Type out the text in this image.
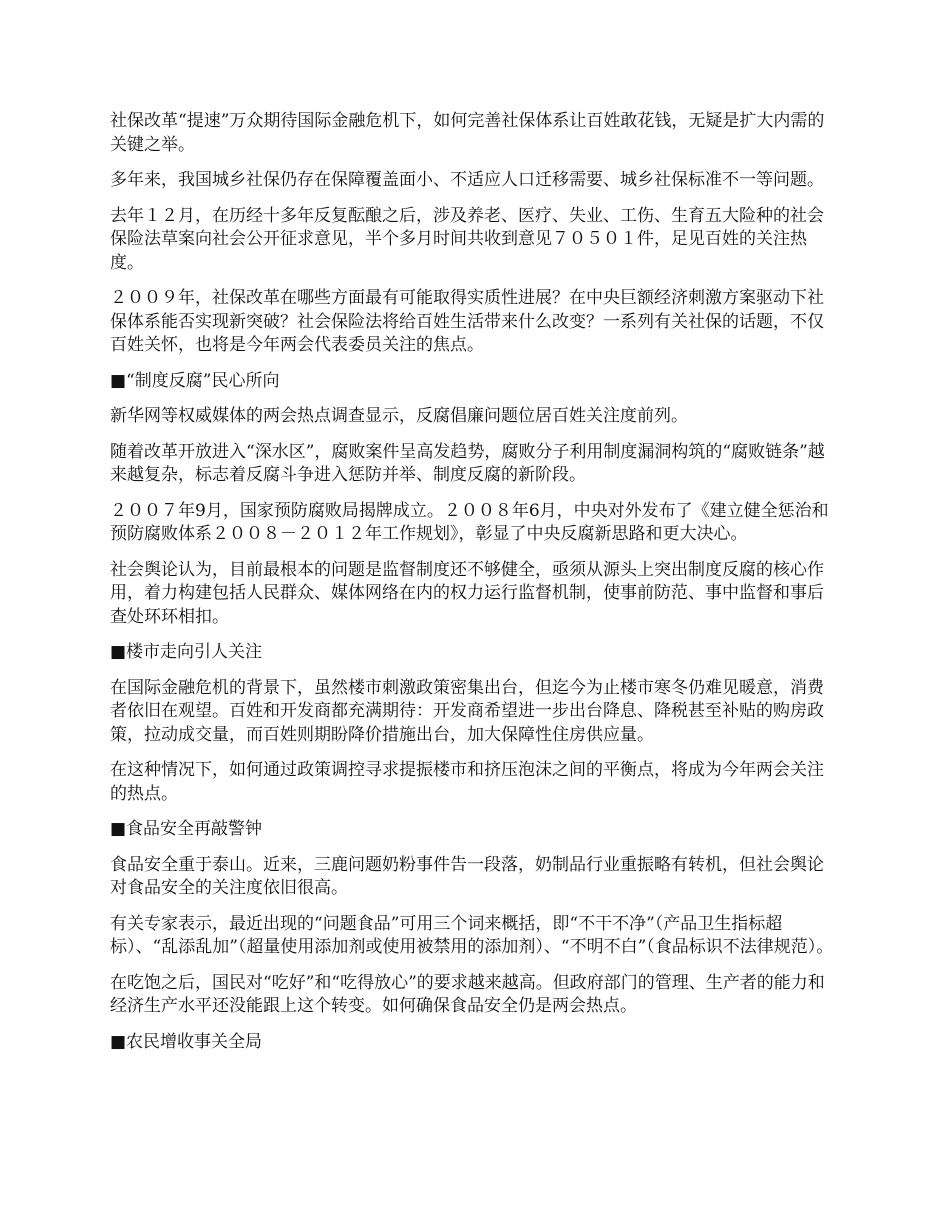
社保改革“提速”万众期待国际金融危机下，如何完善社保体系让百姓敢花钱，无疑是扩大内需的关键之举。

多年来，我国城乡社保仍存在保障覆盖面小、不适应人口迁移需要、城乡社保标准不一等问题。

去年１２月，在历经十多年反复酝酿之后，涉及养老、医疗、失业、工伤、生育五大险种的社会保险法草案向社会公开征求意见，半个多月时间共收到意见７０５０１件，足见百姓的关注热度。

２００９年，社保改革在哪些方面最有可能取得实质性进展？在中央巨额经济刺激方案驱动下社保体系能否实现新突破？社会保险法将给百姓生活带来什么改变？一系列有关社保的话题，不仅百姓关怀，也将是今年两会代表委员关注的焦点。

■“制度反腐”民心所向

新华网等权威媒体的两会热点调查显示，反腐倡廉问题位居百姓关注度前列。

随着改革开放进入“深水区”，腐败案件呈高发趋势，腐败分子利用制度漏洞构筑的“腐败链条”越来越复杂，标志着反腐斗争进入惩防并举、制度反腐的新阶段。

２００７年9月，国家预防腐败局揭牌成立。２００８年6月，中央对外发布了《建立健全惩治和预防腐败体系２００８－２０１２年工作规划》，彰显了中央反腐新思路和更大决心。

社会舆论认为，目前最根本的问题是监督制度还不够健全，亟须从源头上突出制度反腐的核心作用，着力构建包括人民群众、媒体网络在内的权力运行监督机制，使事前防范、事中监督和事后查处环环相扣。

■楼市走向引人关注

在国际金融危机的背景下，虽然楼市刺激政策密集出台，但迄今为止楼市寒冬仍难见暖意，消费者依旧在观望。百姓和开发商都充满期待：开发商希望进一步出台降息、降税甚至补贴的购房政策，拉动成交量，而百姓则期盼降价措施出台，加大保障性住房供应量。

在这种情况下，如何通过政策调控寻求提振楼市和挤压泡沫之间的平衡点，将成为今年两会关注的热点。

■食品安全再敲警钟

食品安全重于泰山。近来，三鹿问题奶粉事件告一段落，奶制品行业重振略有转机，但社会舆论对食品安全的关注度依旧很高。

有关专家表示，最近出现的“问题食品”可用三个词来概括，即“不干不净”（产品卫生指标超标）、“乱添乱加”（超量使用添加剂或使用被禁用的添加剂）、“不明不白”（食品标识不法律规范）。

在吃饱之后，国民对“吃好”和“吃得放心”的要求越来越高。但政府部门的管理、生产者的能力和经济生产水平还没能跟上这个转变。如何确保食品安全仍是两会热点。

■农民增收事关全局
